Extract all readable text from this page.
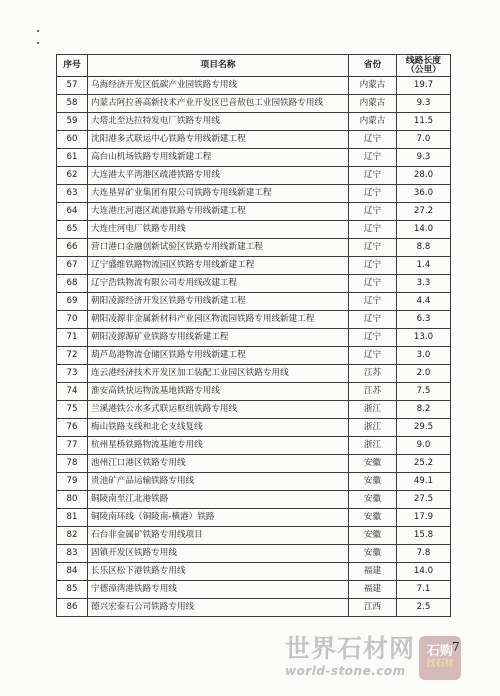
序号	项目名称	省份	线路长度
（公里）
57	乌海经济开发区低碳产业园铁路专用线	内蒙古	19.7
58	内蒙古阿拉善高新技术产业开发区巴音敖包工业园铁路专用线	内蒙古	9.3
59	大塔北至达拉特发电厂铁路专用线	内蒙古	11.5
60	沈阳港多式联运中心铁路专用线新建工程	辽宁	7.0
61	高台山机场铁路专用线新建工程	辽宁	9.3
62	大连港太平湾港区疏港铁路专用线	辽宁	28.0
63	大连垦昇矿业集团有限公司铁路专用线新建工程	辽宁	36.0
64	大连港庄河港区疏港铁路专用线新建工程	辽宁	27.2
65	大连庄河电厂铁路专用线	辽宁	14.0
66	营口港口金融创新试验区铁路专用线新建工程	辽宁	8.8
67	辽宁盛维铁路物流园区铁路专用线新建工程	辽宁	1.4
68	辽宁浩铁物流有限公司专用线改建工程	辽宁	3.3
69	朝阳凌源经济开发区铁路专用线新建工程	辽宁	4.4
70	朝阳凌源非金属新材料产业园区物流园铁路专用线新建工程	辽宁	6.3
71	朝阳凌源源矿业铁路专用线新建工程	辽宁	13.0
72	葫芦岛港物流仓储区铁路专用线新建工程	辽宁	3.0
73	连云港经济技术开发区加工装配工业园区铁路专用线	江苏	2.0
74	淮安高铁快运物流基地铁路专用线	江苏	7.5
75	兰溪港铁公水多式联运枢纽铁路专用线	浙江	8.2
76	梅山铁路支线和北仑支线复线	浙江	29.5
77	杭州星桥铁路物流基地专用线	浙江	9.0
78	池州江口港区铁路专用线	安徽	25.2
79	贵池矿产品运输铁路专用线	安徽	49.1
80	铜陵南至江北港铁路	安徽	27.5
81	铜陵南环线（铜陵南-横港）铁路	安徽	17.9
82	石台非金属矿铁路专用线项目	安徽	15.8
83	固镇开发区铁路专用线	安徽	7.8
84	长乐区松下港铁路专用线	福建	14.0
85	宁德漳湾港铁路专用线	福建	7.1
86	德兴宏泰石公司铁路专用线	江西	2.5
世界石材网
world-stone.com
石购
找石材
7
